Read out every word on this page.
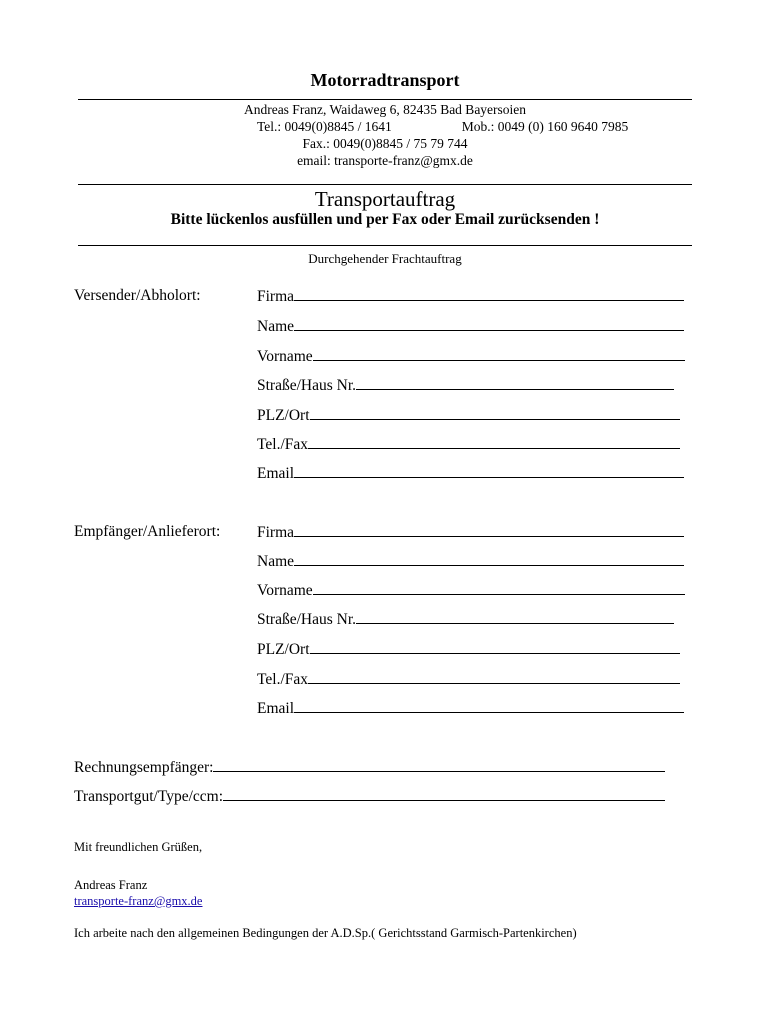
Motorradtransport
Andreas Franz, Waidaweg 6, 82435 Bad Bayersoien
Tel.: 0049(0)8845 / 1641	Mob.: 0049 (0) 160 9640 7985
Fax.: 0049(0)8845 / 75 79 744
email: transporte-franz@gmx.de
Transportauftrag
Bitte lückenlos ausfüllen und per Fax oder Email zurücksenden !
Durchgehender Frachtauftrag
Versender/Abholort:	Firma
Name
Vorname
Straße/Haus Nr.
PLZ/Ort
Tel./Fax
Email
Empfänger/Anlieferort: Firma
Name
Vorname
Straße/Haus Nr.
PLZ/Ort
Tel./Fax
Email
Rechnungsempfänger:
Transportgut/Type/ccm:
Mit freundlichen Grüßen,
Andreas Franz
transporte-franz@gmx.de
Ich arbeite nach den allgemeinen Bedingungen der A.D.Sp.( Gerichtsstand Garmisch-Partenkirchen)
